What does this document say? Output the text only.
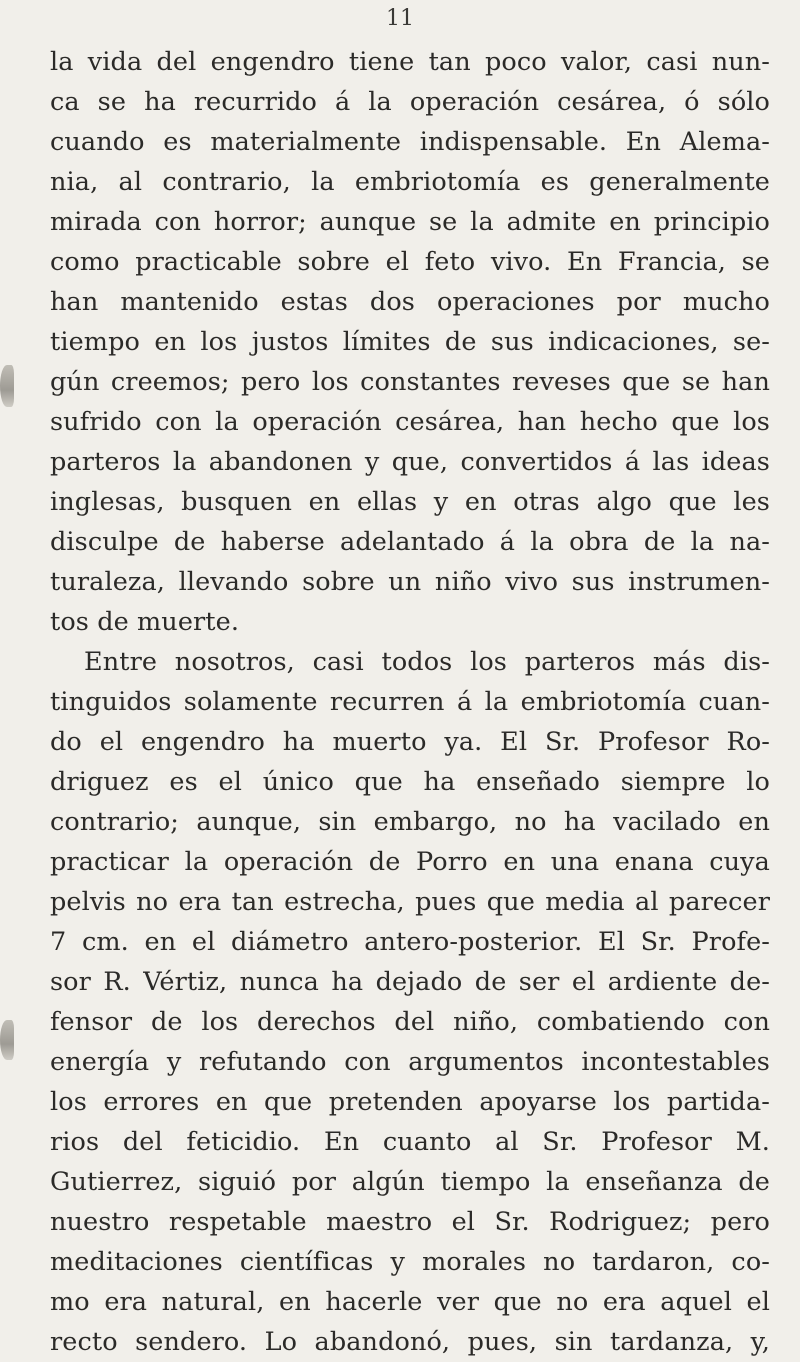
11
la vida del engendro tiene tan poco valor, casi nun-
ca se ha recurrido á la operación cesárea, ó sólo
cuando es materialmente indispensable. En Alema-
nia, al contrario, la embriotomía es generalmente
mirada con horror; aunque se la admite en principio
como practicable sobre el feto vivo. En Francia, se
han mantenido estas dos operaciones por mucho
tiempo en los justos límites de sus indicaciones, se-
gún creemos; pero los constantes reveses que se han
sufrido con la operación cesárea, han hecho que los
parteros la abandonen y que, convertidos á las ideas
inglesas, busquen en ellas y en otras algo que les
disculpe de haberse adelantado á la obra de la na-
turaleza, llevando sobre un niño vivo sus instrumen-
tos de muerte.
Entre nosotros, casi todos los parteros más dis-
tinguidos solamente recurren á la embriotomía cuan-
do el engendro ha muerto ya. El Sr. Profesor Ro-
driguez es el único que ha enseñado siempre lo
contrario; aunque, sin embargo, no ha vacilado en
practicar la operación de Porro en una enana cuya
pelvis no era tan estrecha, pues que media al parecer
7 cm. en el diámetro antero-posterior. El Sr. Profe-
sor R. Vértiz, nunca ha dejado de ser el ardiente de-
fensor de los derechos del niño, combatiendo con
energía y refutando con argumentos incontestables
los errores en que pretenden apoyarse los partida-
rios del feticidio. En cuanto al Sr. Profesor M.
Gutierrez, siguió por algún tiempo la enseñanza de
nuestro respetable maestro el Sr. Rodriguez; pero
meditaciones científicas y morales no tardaron, co-
mo era natural, en hacerle ver que no era aquel el
recto sendero. Lo abandonó, pues, sin tardanza, y,
